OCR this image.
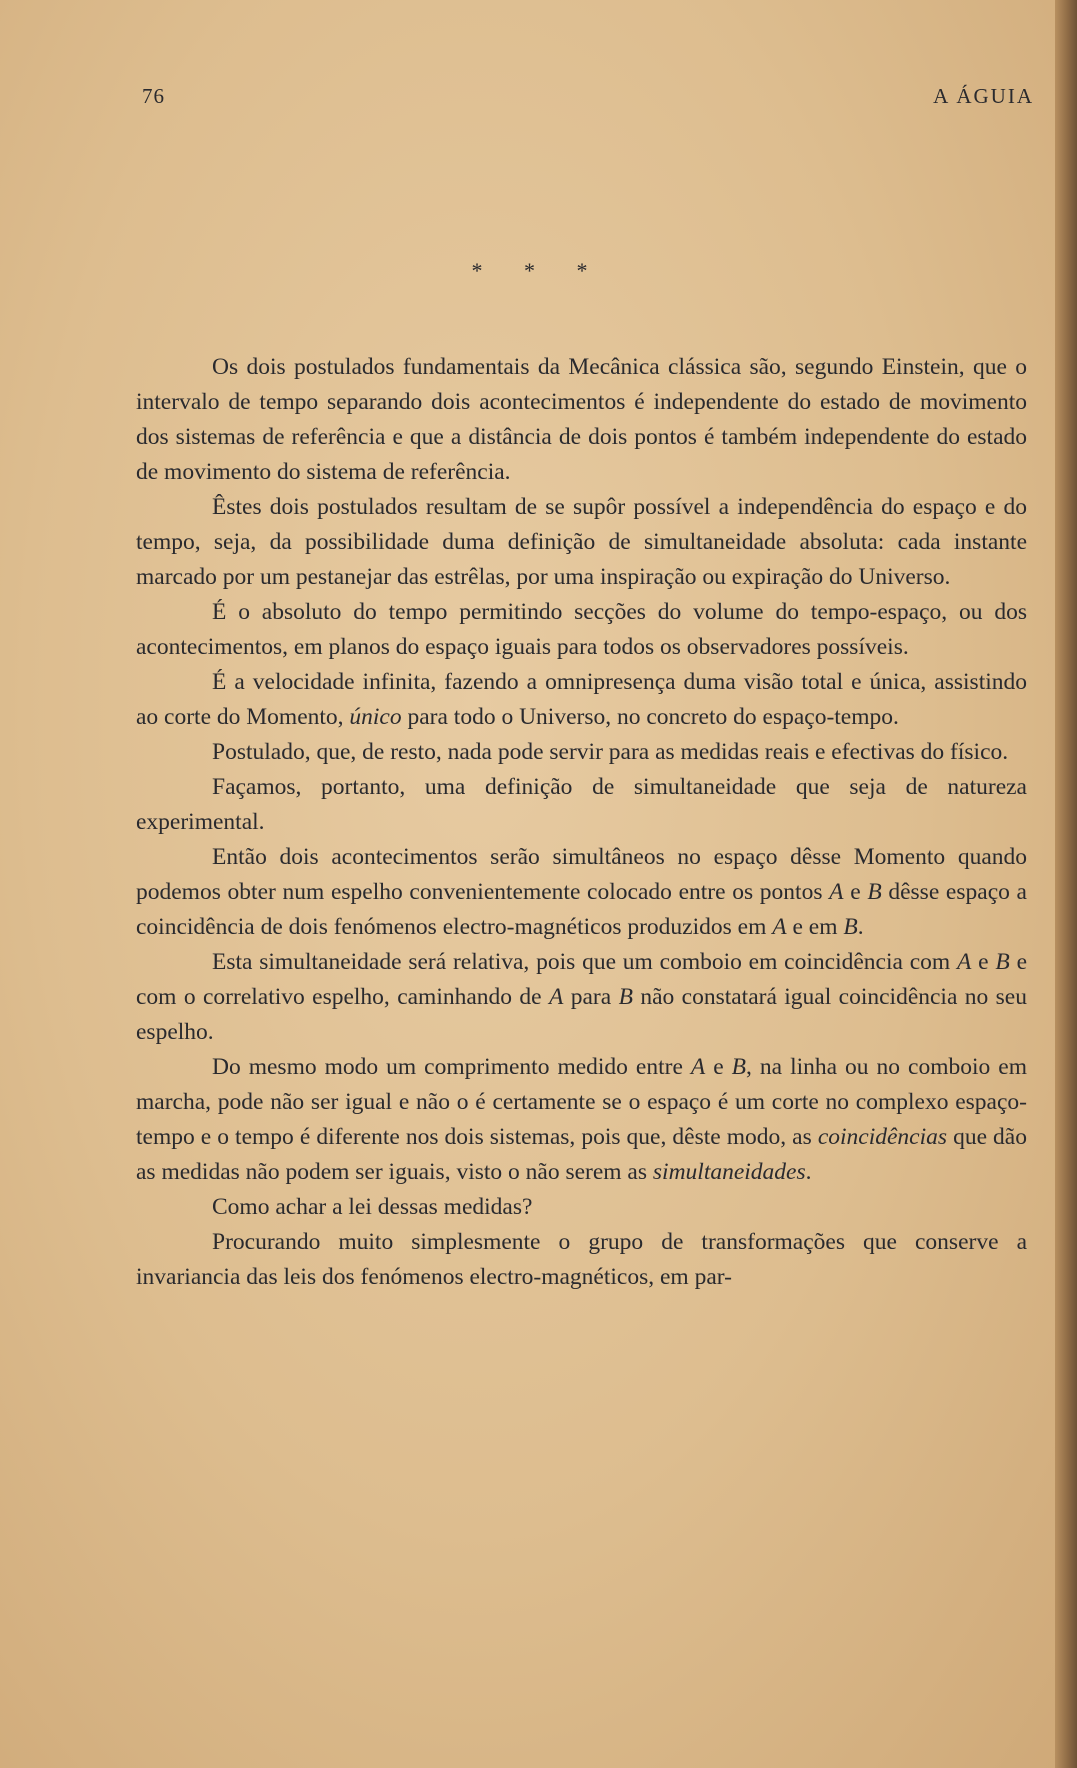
76	A ÁGUIA
* * *

Os dois postulados fundamentais da Mecânica clássica são, segundo Einstein, que o intervalo de tempo separando dois acontecimentos é independente do estado de movimento dos sistemas de referência e que a distância de dois pontos é também independente do estado de movimento do sistema de referência.

Êstes dois postulados resultam de se supôr possível a independência do espaço e do tempo, seja, da possibilidade duma definição de simultaneidade absoluta: cada instante marcado por um pestanejar das estrêlas, por uma inspiração ou expiração do Universo.

É o absoluto do tempo permitindo secções do volume do tempo-espaço, ou dos acontecimentos, em planos do espaço iguais para todos os observadores possíveis.

É a velocidade infinita, fazendo a omnipresença duma visão total e única, assistindo ao corte do Momento, único para todo o Universo, no concreto do espaço-tempo.

Postulado, que, de resto, nada pode servir para as medidas reais e efectivas do físico.

Façamos, portanto, uma definição de simultaneidade que seja de natureza experimental.

Então dois acontecimentos serão simultâneos no espaço dêsse Momento quando podemos obter num espelho convenientemente colocado entre os pontos A e B dêsse espaço a coincidência de dois fenómenos electro-magnéticos produzidos em A e em B.

Esta simultaneidade será relativa, pois que um comboio em coincidência com A e B e com o correlativo espelho, caminhando de A para B não constatará igual coincidência no seu espelho.

Do mesmo modo um comprimento medido entre A e B, na linha ou no comboio em marcha, pode não ser igual e não o é certamente se o espaço é um corte no complexo espaço-tempo e o tempo é diferente nos dois sistemas, pois que, dêste modo, as coincidências que dão as medidas não podem ser iguais, visto o não serem as simultaneidades.

Como achar a lei dessas medidas?

Procurando muito simplesmente o grupo de transformações que conserve a invariancia das leis dos fenómenos electro-magnéticos, em par-
